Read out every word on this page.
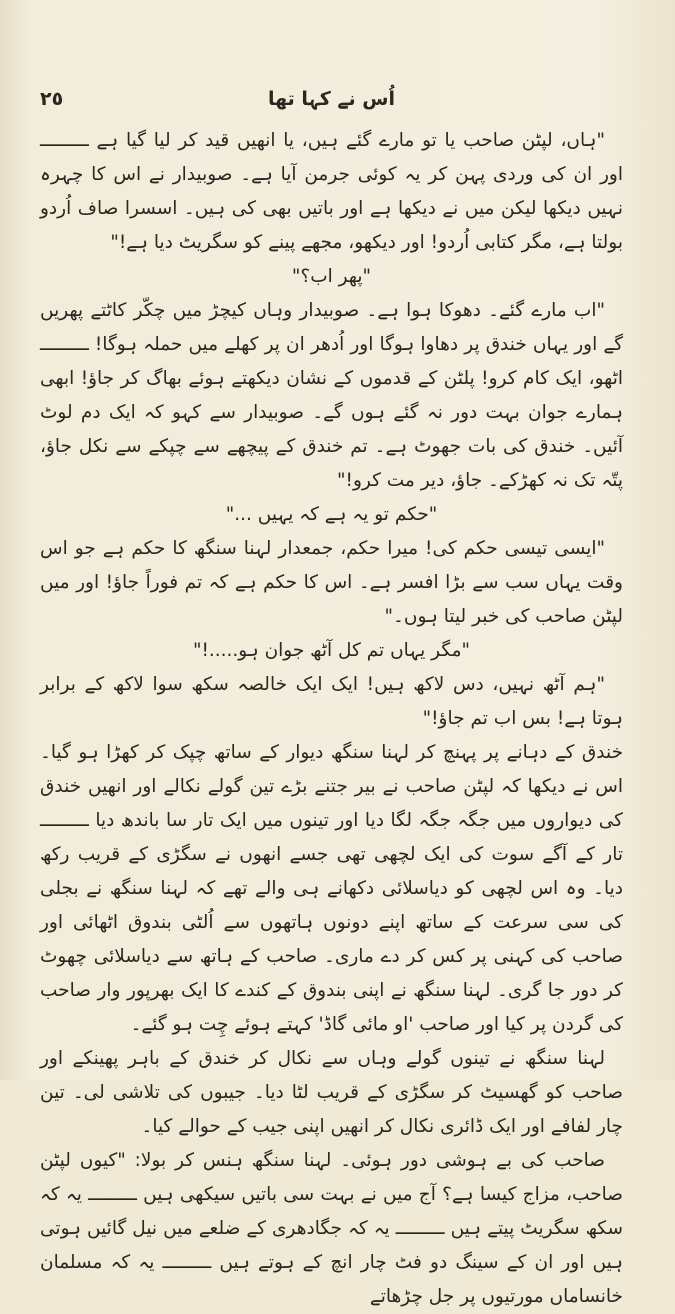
٢٥	اُس نے کہا تھا

"ہاں، لپٹن صاحب یا تو مارے گئے ہیں، یا انھیں قید کر لیا گیا ہے ـــــــــ اور ان کی وردی پہن کر یہ کوئی جرمن آیا ہے۔ صوبیدار نے اس کا چہرہ نہیں دیکھا لیکن میں نے دیکھا ہے اور باتیں بھی کی ہیں۔ اسسرا صاف اُردو بولتا ہے، مگر کتابی اُردو! اور دیکھو، مجھے پینے کو سگریٹ دیا ہے!"

"پھر اب؟"

"اب مارے گئے۔ دھوکا ہوا ہے۔ صوبیدار وہاں کیچڑ میں چکّر کاٹتے پھریں گے اور یہاں خندق پر دھاوا ہوگا اور اُدھر ان پر کھلے میں حملہ ہوگا! ـــــــــ اٹھو، ایک کام کرو! پلٹن کے قدموں کے نشان دیکھتے ہوئے بھاگ کر جاؤ! ابھی ہمارے جوان بہت دور نہ گئے ہوں گے۔ صوبیدار سے کہو کہ ایک دم لوٹ آئیں۔ خندق کی بات جھوٹ ہے۔ تم خندق کے پیچھے سے چپکے سے نکل جاؤ، پتّہ تک نہ کھڑکے۔ جاؤ، دیر مت کرو!"

"حکم تو یہ ہے کہ یہیں ..."

"ایسی تیسی حکم کی! میرا حکم، جمعدار لہنا سنگھ کا حکم ہے جو اس وقت یہاں سب سے بڑا افسر ہے۔ اس کا حکم ہے کہ تم فوراً جاؤ! اور میں لپٹن صاحب کی خبر لیتا ہوں۔"

"مگر یہاں تم کل آٹھ جوان ہو.....!"

"ہم آٹھ نہیں، دس لاکھ ہیں! ایک ایک خالصہ سکھ سوا لاکھ کے برابر ہوتا ہے! بس اب تم جاؤ!"

خندق کے دہانے پر پہنچ کر لہنا سنگھ دیوار کے ساتھ چپک کر کھڑا ہو گیا۔ اس نے دیکھا کہ لپٹن صاحب نے بیر جتنے بڑے تین گولے نکالے اور انھیں خندق کی دیواروں میں جگہ جگہ لگا دیا اور تینوں میں ایک تار سا باندھ دیا ـــــــــ تار کے آگے سوت کی ایک لچھی تھی جسے انھوں نے سگڑی کے قریب رکھ دیا۔ وہ اس لچھی کو دیاسلائی دکھانے ہی والے تھے کہ لہنا سنگھ نے بجلی کی سی سرعت کے ساتھ اپنے دونوں ہاتھوں سے اُلٹی بندوق اٹھائی اور صاحب کی کہنی پر کس کر دے ماری۔ صاحب کے ہاتھ سے دیاسلائی چھوٹ کر دور جا گری۔ لہنا سنگھ نے اپنی بندوق کے کندے کا ایک بھرپور وار صاحب کی گردن پر کیا اور صاحب 'او مائی گاڈ' کہتے ہوئے چِت ہو گئے۔

لہنا سنگھ نے تینوں گولے وہاں سے نکال کر خندق کے باہر پھینکے اور صاحب کو گھسیٹ کر سگڑی کے قریب لٹا دیا۔ جیبوں کی تلاشی لی۔ تین چار لفافے اور ایک ڈائری نکال کر انھیں اپنی جیب کے حوالے کیا۔

صاحب کی بے ہوشی دور ہوئی۔ لہنا سنگھ ہنس کر بولا: "کیوں لپٹن صاحب، مزاج کیسا ہے؟ آج میں نے بہت سی باتیں سیکھی ہیں ـــــــــ یہ کہ سکھ سگریٹ پیتے ہیں ـــــــــ یہ کہ جگادھری کے ضلعے میں نیل گائیں ہوتی ہیں اور ان کے سینگ دو فٹ چار انچ کے ہوتے ہیں ـــــــــ یہ کہ مسلمان خانساماں مورتیوں پر جل چڑھاتے
